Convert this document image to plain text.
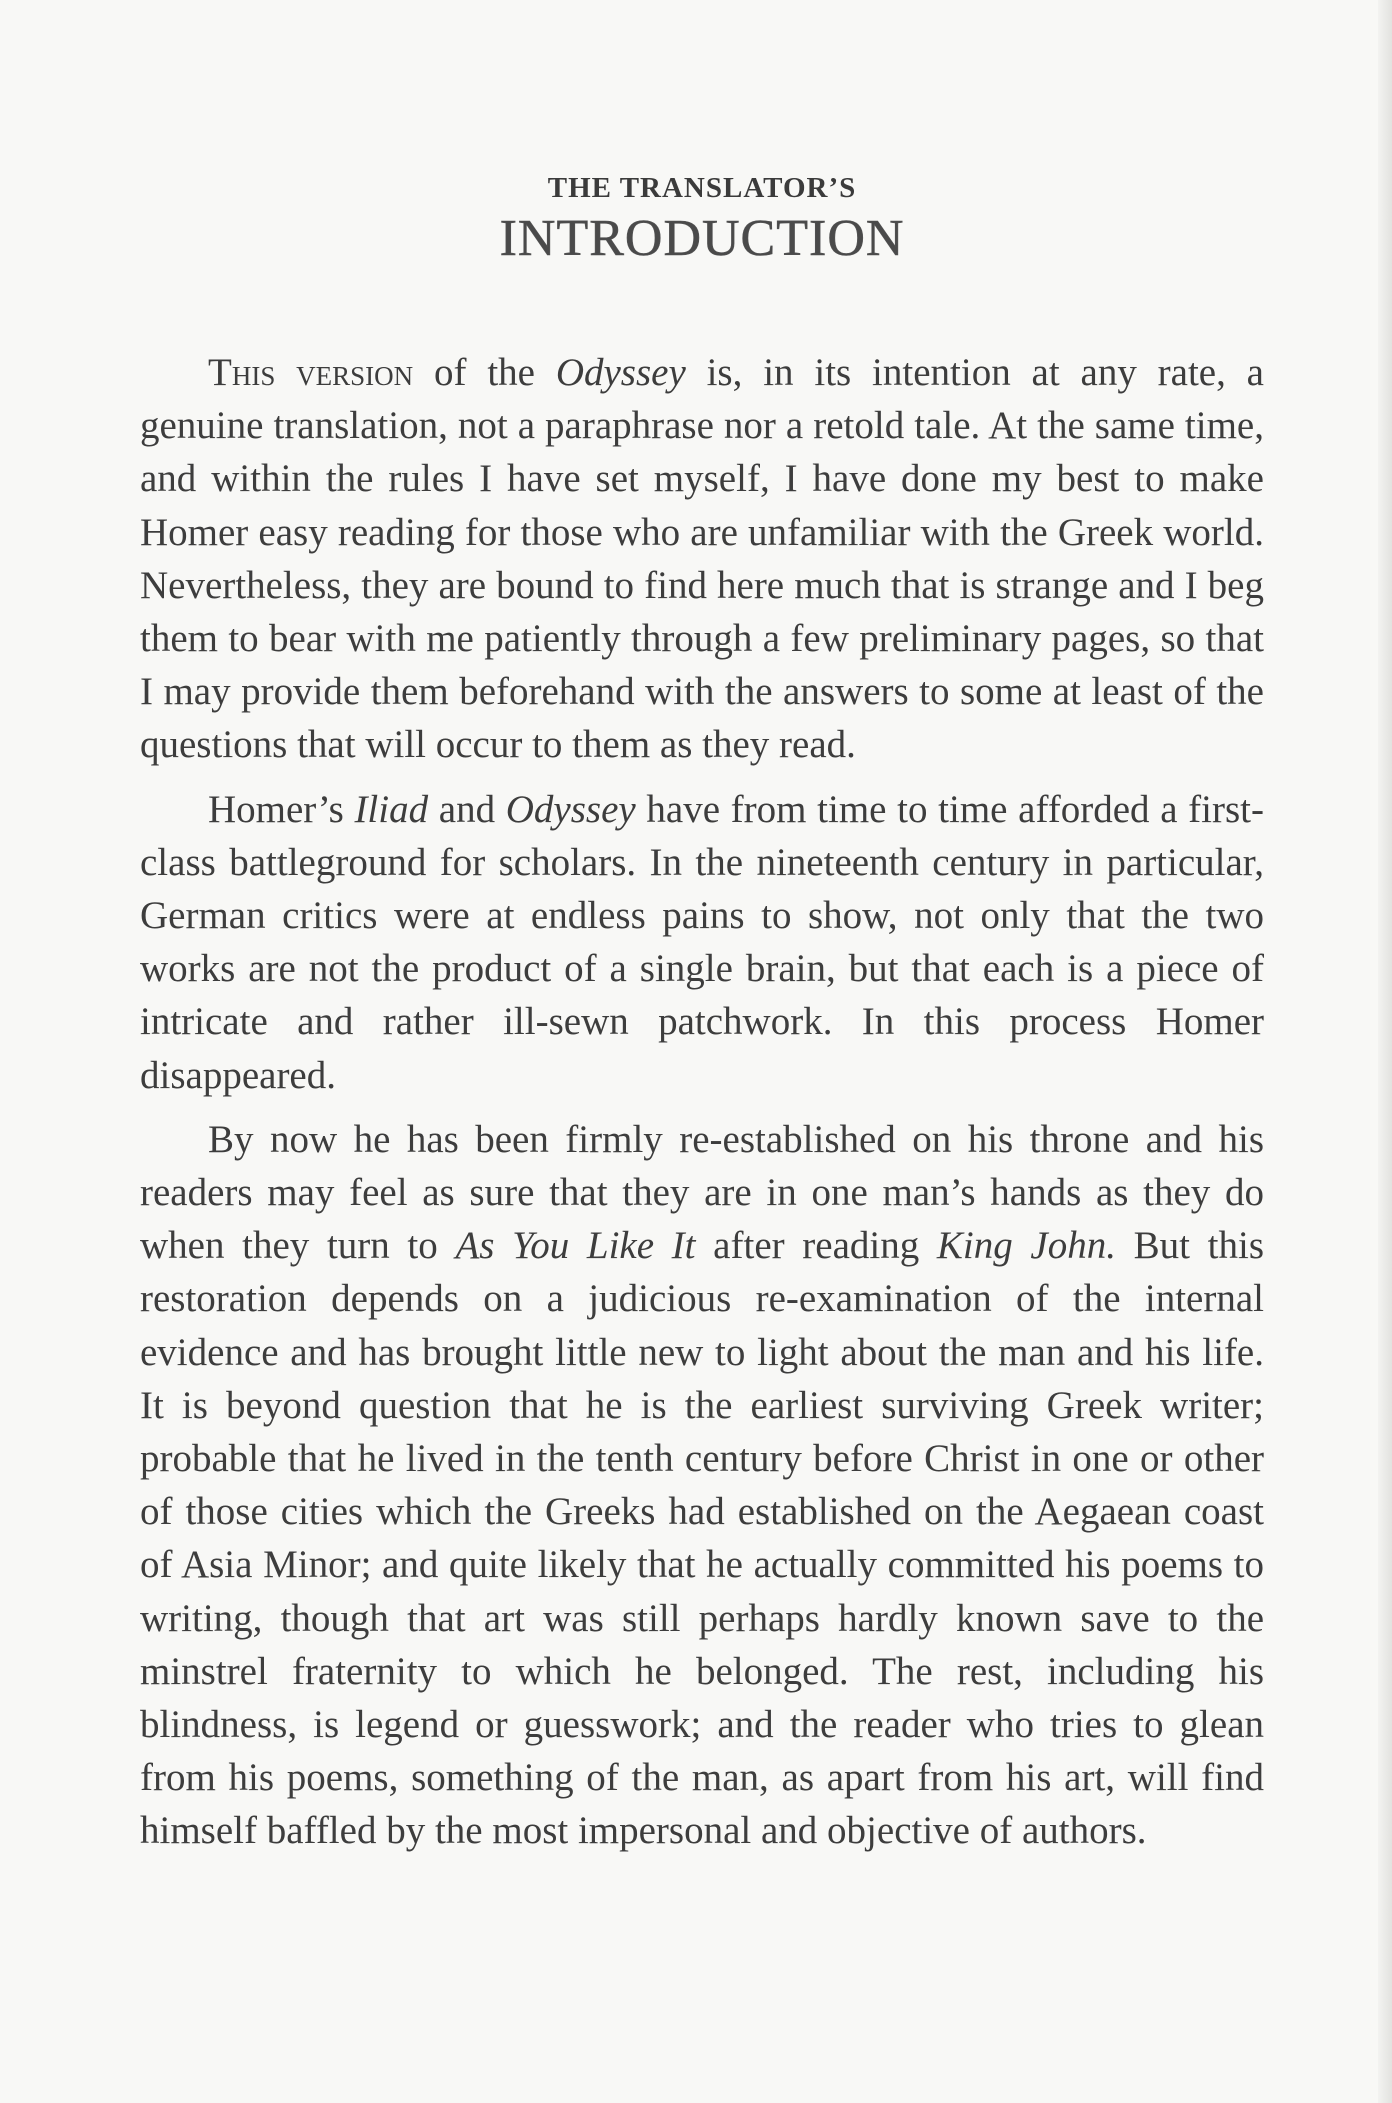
THE TRANSLATOR’S
INTRODUCTION

This version of the Odyssey is, in its intention at any rate, a genuine translation, not a paraphrase nor a retold tale. At the same time, and within the rules I have set myself, I have done my best to make Homer easy reading for those who are unfamiliar with the Greek world. Nevertheless, they are bound to find here much that is strange and I beg them to bear with me patiently through a few preliminary pages, so that I may provide them beforehand with the answers to some at least of the questions that will occur to them as they read.

Homer’s Iliad and Odyssey have from time to time afforded a first-class battleground for scholars. In the nineteenth century in particular, German critics were at endless pains to show, not only that the two works are not the product of a single brain, but that each is a piece of intricate and rather ill-sewn patchwork. In this process Homer disappeared.

By now he has been firmly re-established on his throne and his readers may feel as sure that they are in one man’s hands as they do when they turn to As You Like It after reading King John. But this restoration depends on a judicious re-examination of the internal evidence and has brought little new to light about the man and his life. It is beyond question that he is the earliest surviving Greek writer; probable that he lived in the tenth century before Christ in one or other of those cities which the Greeks had established on the Aegaean coast of Asia Minor; and quite likely that he actually committed his poems to writing, though that art was still perhaps hardly known save to the minstrel fraternity to which he belonged. The rest, including his blindness, is legend or guesswork; and the reader who tries to glean from his poems, something of the man, as apart from his art, will find himself baffled by the most impersonal and objective of authors.
